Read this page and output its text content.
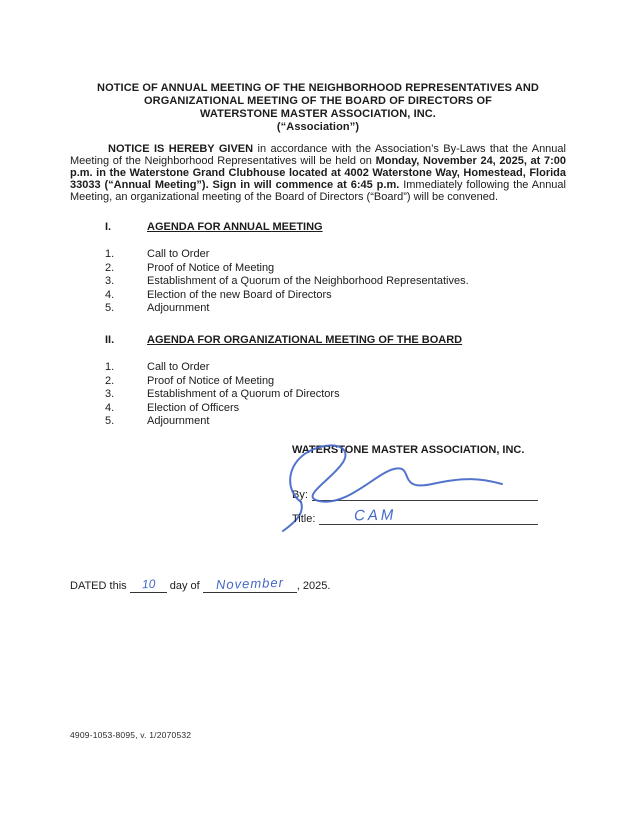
NOTICE OF ANNUAL MEETING OF THE NEIGHBORHOOD REPRESENTATIVES AND
ORGANIZATIONAL MEETING OF THE BOARD OF DIRECTORS OF
WATERSTONE MASTER ASSOCIATION, INC.
(“Association”)

NOTICE IS HEREBY GIVEN in accordance with the Association’s By-Laws that the Annual Meeting of the Neighborhood Representatives will be held on Monday, November 24, 2025, at 7:00 p.m. in the Waterstone Grand Clubhouse located at 4002 Waterstone Way, Homestead, Florida 33033 (“Annual Meeting”). Sign in will commence at 6:45 p.m. Immediately following the Annual Meeting, an organizational meeting of the Board of Directors (“Board”) will be convened.

I.	AGENDA FOR ANNUAL MEETING
1.	Call to Order
2.	Proof of Notice of Meeting
3.	Establishment of a Quorum of the Neighborhood Representatives.
4.	Election of the new Board of Directors
5.	Adjournment
II.	AGENDA FOR ORGANIZATIONAL MEETING OF THE BOARD
1.	Call to Order
2.	Proof of Notice of Meeting
3.	Establishment of a Quorum of Directors
4.	Election of Officers
5.	Adjournment
WATERSTONE MASTER ASSOCIATION, INC.
By:
Title:	CAM
DATED this 10 day of November , 2025.
4909-1053-8095, v. 1/2070532
